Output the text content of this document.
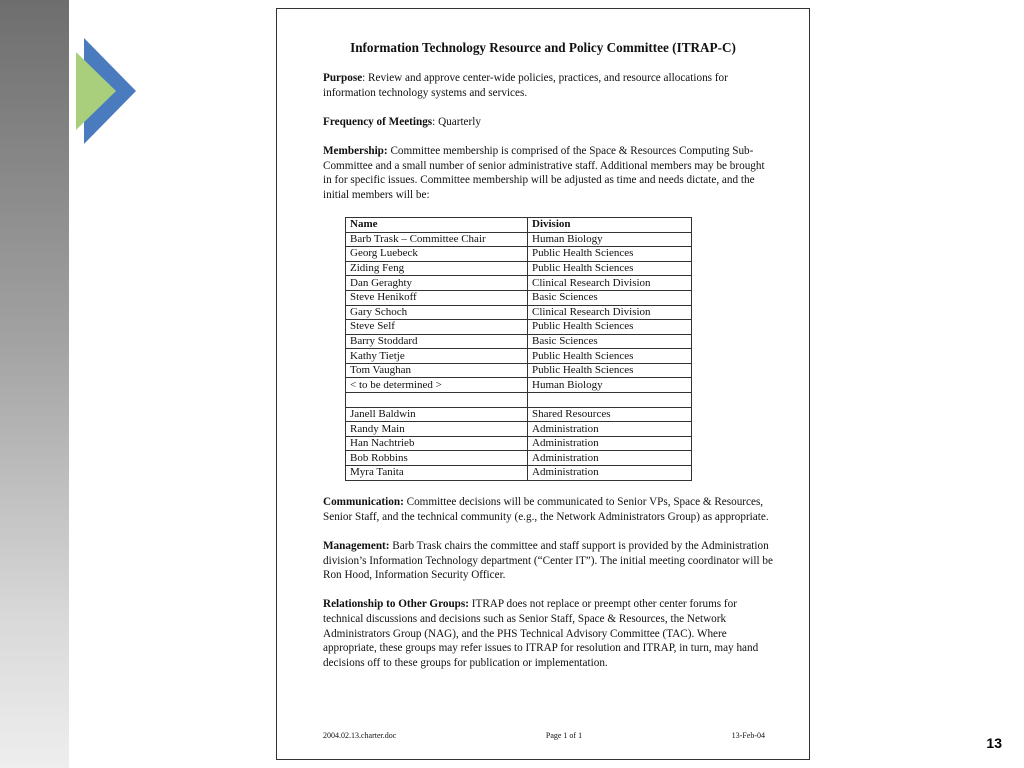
13
Information Technology Resource and Policy Committee (ITRAP-C)

Purpose: Review and approve center-wide policies, practices, and resource allocations for information technology systems and services.

Frequency of Meetings: Quarterly

Membership: Committee membership is comprised of the Space & Resources Computing Sub-Committee and a small number of senior administrative staff. Additional members may be brought in for specific issues. Committee membership will be adjusted as time and needs dictate, and the initial members will be:

Name	Division
Barb Trask – Committee Chair	Human Biology
Georg Luebeck	Public Health Sciences
Ziding Feng	Public Health Sciences
Dan Geraghty	Clinical Research Division
Steve Henikoff	Basic Sciences
Gary Schoch	Clinical Research Division
Steve Self	Public Health Sciences
Barry Stoddard	Basic Sciences
Kathy Tietje	Public Health Sciences
Tom Vaughan	Public Health Sciences
< to be determined >	Human Biology

Janell Baldwin	Shared Resources
Randy Main	Administration
Han Nachtrieb	Administration
Bob Robbins	Administration
Myra Tanita	Administration

Communication: Committee decisions will be communicated to Senior VPs, Space & Resources, Senior Staff, and the technical community (e.g., the Network Administrators Group) as appropriate.

Management: Barb Trask chairs the committee and staff support is provided by the Administration division’s Information Technology department (“Center IT”). The initial meeting coordinator will be Ron Hood, Information Security Officer.

Relationship to Other Groups: ITRAP does not replace or preempt other center forums for technical discussions and decisions such as Senior Staff, Space & Resources, the Network Administrators Group (NAG), and the PHS Technical Advisory Committee (TAC). Where appropriate, these groups may refer issues to ITRAP for resolution and ITRAP, in turn, may hand decisions off to these groups for publication or implementation.

2004.02.13.charter.doc	Page 1 of 1	13-Feb-04
